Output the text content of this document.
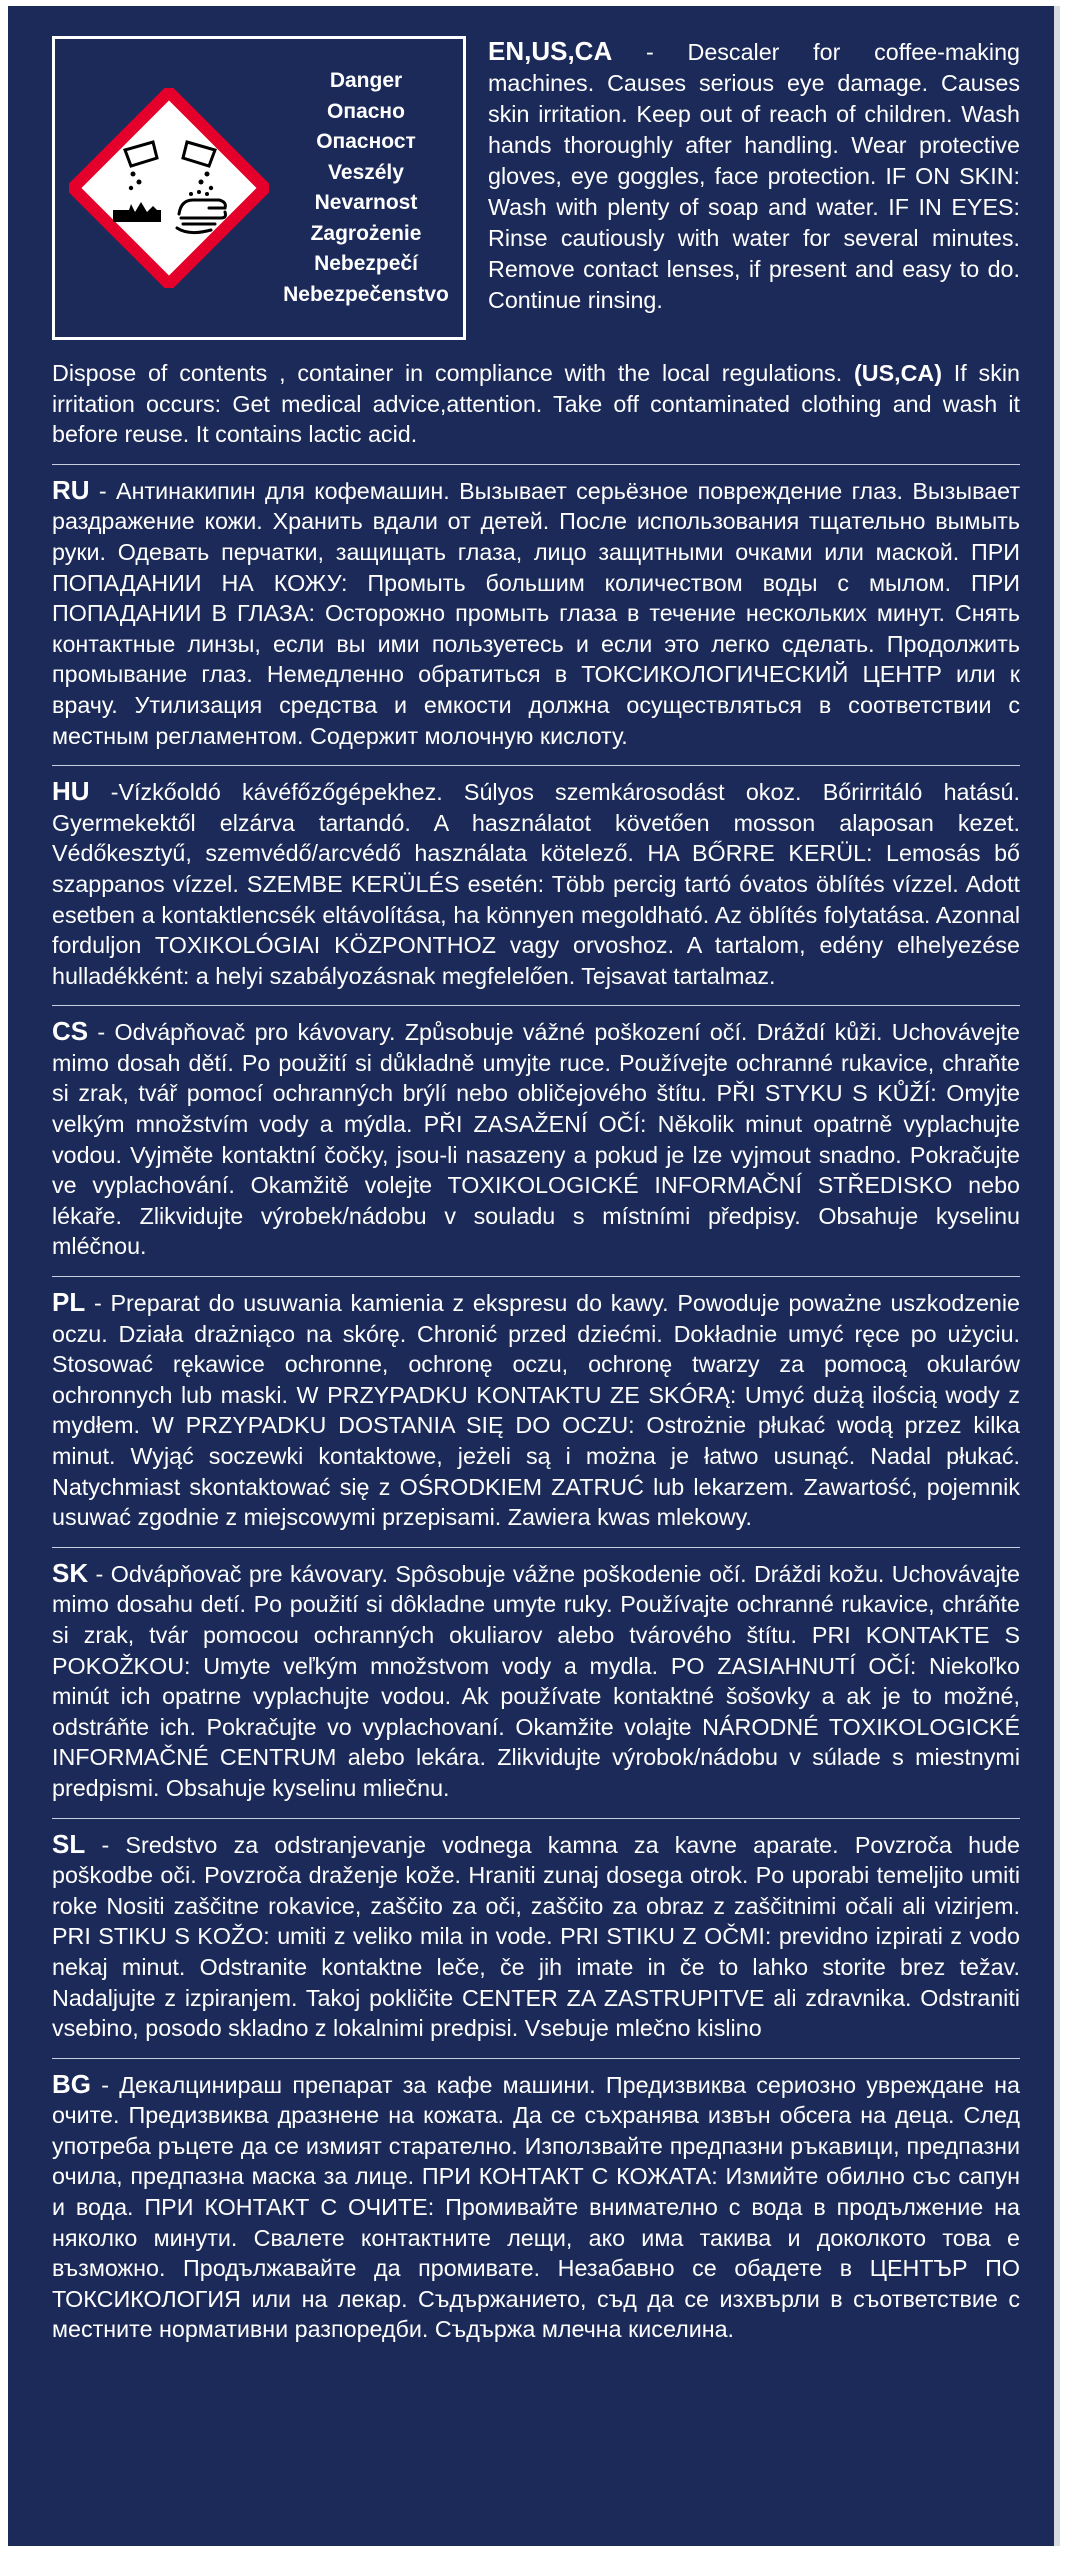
Danger
Опасно
Опасност
Veszély
Nevarnost
Zagrożenie
Nebezpečí
Nebezpečenstvo

EN,US,CA - Descaler for coffee-making machines. Causes serious eye damage. Causes skin irritation. Keep out of reach of children. Wash hands thoroughly after handling. Wear protective gloves, eye goggles, face protection. IF ON SKIN: Wash with plenty of soap and water. IF IN EYES: Rinse cautiously with water for several minutes. Remove contact lenses, if present and easy to do. Continue rinsing.

Dispose of contents , container in compliance with the local regulations. (US,CA) If skin irritation occurs: Get medical advice,attention. Take off contaminated clothing and wash it before reuse. It contains lactic acid.

RU - Антинакипин для кофемашин. Вызывает серьёзное повреждение глаз. Вызывает раздражение кожи. Хранить вдали от детей. После использования тщательно вымыть руки. Одевать перчатки, защищать глаза, лицо защитными очками или маской. ПРИ ПОПАДАНИИ НА КОЖУ: Промыть большим количеством воды с мылом. ПРИ ПОПАДАНИИ В ГЛАЗА: Осторожно промыть глаза в течение нескольких минут. Снять контактные линзы, если вы ими пользуетесь и если это легко сделать. Продолжить промывание глаз. Немедленно обратиться в ТОКСИКОЛОГИЧЕСКИЙ ЦЕНТР или к врачу. Утилизация средства и емкости должна осуществляться в соответствии с местным регламентом. Содержит молочную кислоту.

HU -Vízkőoldó kávéfőzőgépekhez. Súlyos szemkárosodást okoz. Bőrirritáló hatású. Gyermekektől elzárva tartandó. A használatot követően mosson alaposan kezet. Védőkesztyű, szemvédő/arcvédő használata kötelező. HA BŐRRE KERÜL: Lemosás bő szappanos vízzel. SZEMBE KERÜLÉS esetén: Több percig tartó óvatos öblítés vízzel. Adott esetben a kontaktlencsék eltávolítása, ha könnyen megoldható. Az öblítés folytatása. Azonnal forduljon TOXIKOLÓGIAI KÖZPONTHOZ vagy orvoshoz. A tartalom, edény elhelyezése hulladékként: a helyi szabályozásnak megfelelően. Tejsavat tartalmaz.

CS - Odvápňovač pro kávovary. Způsobuje vážné poškození očí. Dráždí kůži. Uchovávejte mimo dosah dětí. Po použití si důkladně umyjte ruce. Používejte ochranné rukavice, chraňte si zrak, tvář pomocí ochranných brýlí nebo obličejového štítu. PŘI STYKU S KŮŽÍ: Omyjte velkým množstvím vody a mýdla. PŘI ZASAŽENÍ OČÍ: Několik minut opatrně vyplachujte vodou. Vyjměte kontaktní čočky, jsou-li nasazeny a pokud je lze vyjmout snadno. Pokračujte ve vyplachování. Okamžitě volejte TOXIKOLOGICKÉ INFORMAČNÍ STŘEDISKO nebo lékaře. Zlikvidujte výrobek/nádobu v souladu s místními předpisy. Obsahuje kyselinu mléčnou.

PL - Preparat do usuwania kamienia z ekspresu do kawy. Powoduje poważne uszkodzenie oczu. Działa drażniąco na skórę. Chronić przed dziećmi. Dokładnie umyć ręce po użyciu. Stosować rękawice ochronne, ochronę oczu, ochronę twarzy za pomocą okularów ochronnych lub maski. W PRZYPADKU KONTAKTU ZE SKÓRĄ: Umyć dużą ilością wody z mydłem. W PRZYPADKU DOSTANIA SIĘ DO OCZU: Ostrożnie płukać wodą przez kilka minut. Wyjąć soczewki kontaktowe, jeżeli są i można je łatwo usunąć. Nadal płukać. Natychmiast skontaktować się z OŚRODKIEM ZATRUĆ lub lekarzem. Zawartość, pojemnik usuwać zgodnie z miejscowymi przepisami. Zawiera kwas mlekowy.

SK - Odvápňovač pre kávovary. Spôsobuje vážne poškodenie očí. Dráždi kožu. Uchovávajte mimo dosahu detí. Po použití si dôkladne umyte ruky. Používajte ochranné rukavice, chráňte si zrak, tvár pomocou ochranných okuliarov alebo tvárového štítu. PRI KONTAKTE S POKOŽKOU: Umyte veľkým množstvom vody a mydla. PO ZASIAHNUTÍ OČÍ: Niekoľko minút ich opatrne vyplachujte vodou. Ak používate kontaktné šošovky a ak je to možné, odstráňte ich. Pokračujte vo vyplachovaní. Okamžite volajte NÁRODNÉ TOXIKOLOGICKÉ INFORMAČNÉ CENTRUM alebo lekára. Zlikvidujte výrobok/nádobu v súlade s miestnymi predpismi. Obsahuje kyselinu mliečnu.

SL - Sredstvo za odstranjevanje vodnega kamna za kavne aparate. Povzroča hude poškodbe oči. Povzroča draženje kože. Hraniti zunaj dosega otrok. Po uporabi temeljito umiti roke Nositi zaščitne rokavice, zaščito za oči, zaščito za obraz z zaščitnimi očali ali vizirjem. PRI STIKU S KOŽO: umiti z veliko mila in vode. PRI STIKU Z OČMI: previdno izpirati z vodo nekaj minut. Odstranite kontaktne leče, če jih imate in če to lahko storite brez težav. Nadaljujte z izpiranjem. Takoj pokličite CENTER ZA ZASTRUPITVE ali zdravnika. Odstraniti vsebino, posodo skladno z lokalnimi predpisi. Vsebuje mlečno kislino

BG - Декалцинираш препарат за кафе машини. Предизвиква сериозно увреждане на очите. Предизвиква дразнене на кожата. Да се съхранява извън обсега на деца. След употреба ръцете да се измият старателно. Използвайте предпазни ръкавици, предпазни очила, предпазна маска за лице. ПРИ КОНТАКТ С КОЖАТА: Измийте обилно със сапун и вода. ПРИ КОНТАКТ С ОЧИТЕ: Промивайте внимателно с вода в продължение на няколко минути. Свалете контактните лещи, ако има такива и доколкото това е възможно. Продължавайте да промивате. Незабавно се обадете в ЦЕНТЪР ПО ТОКСИКОЛОГИЯ или на лекар. Съдържанието, съд да се изхвърли в съответствие с местните нормативни разпоредби. Съдържа млечна киселина.
